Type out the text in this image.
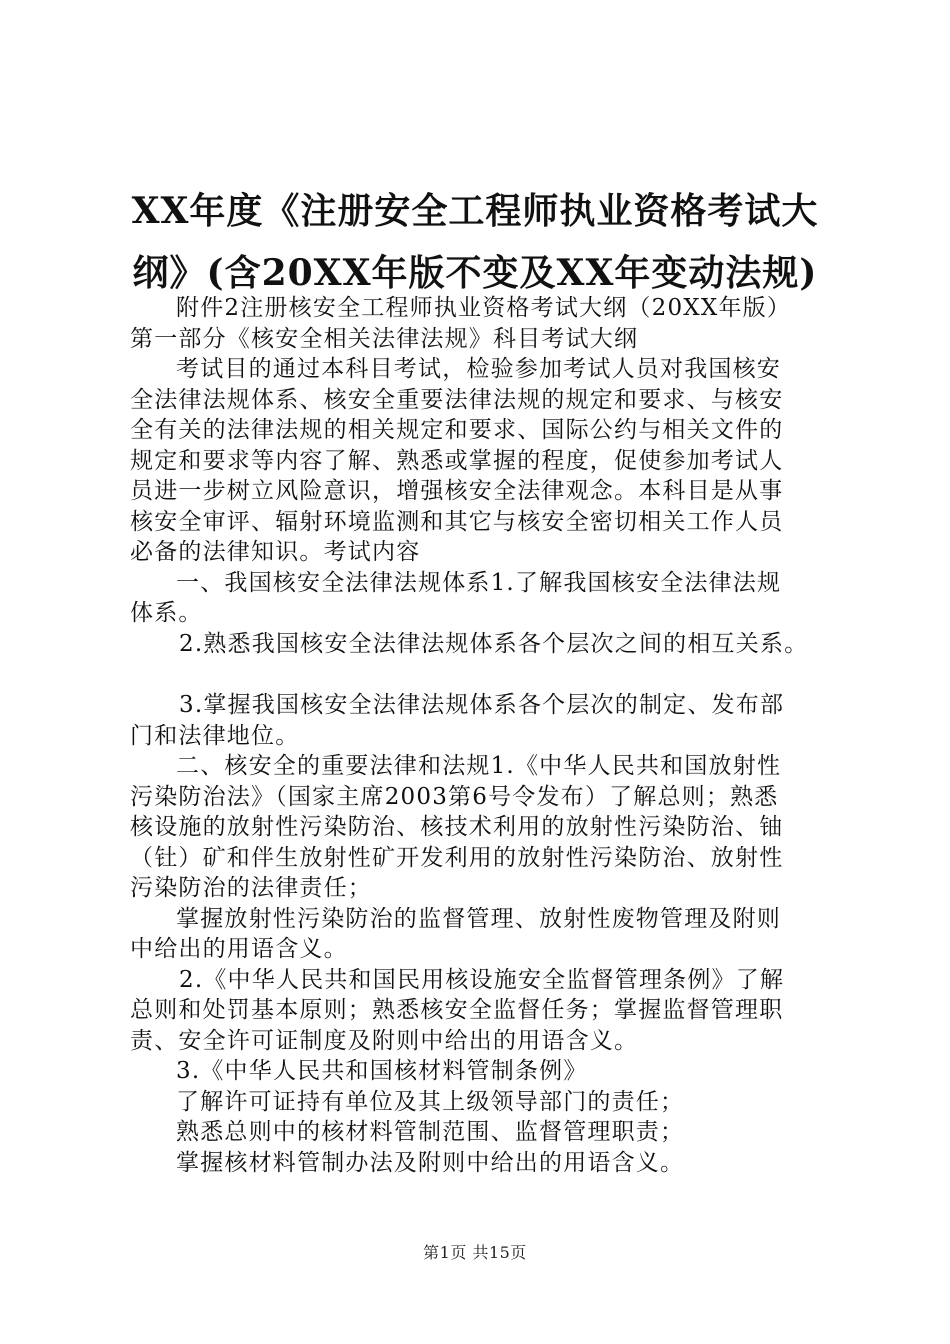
XX年度《注册安全工程师执业资格考试大
纲》(含20XX年版不变及XX年变动法规)

附件2注册核安全工程师执业资格考试大纲（20XX年版）

第一部分《核安全相关法律法规》科目考试大纲

考试目的通过本科目考试，检验参加考试人员对我国核安

全法律法规体系、核安全重要法律法规的规定和要求、与核安

全有关的法律法规的相关规定和要求、国际公约与相关文件的

规定和要求等内容了解、熟悉或掌握的程度，促使参加考试人

员进一步树立风险意识，增强核安全法律观念。本科目是从事

核安全审评、辐射环境监测和其它与核安全密切相关工作人员

必备的法律知识。考试内容

一、我国核安全法律法规体系1.了解我国核安全法律法规

体系。

2.熟悉我国核安全法律法规体系各个层次之间的相互关系。

3.掌握我国核安全法律法规体系各个层次的制定、发布部

门和法律地位。

二、核安全的重要法律和法规1.《中华人民共和国放射性

污染防治法》（国家主席2003第6号令发布）了解总则；熟悉

核设施的放射性污染防治、核技术利用的放射性污染防治、铀

（钍）矿和伴生放射性矿开发利用的放射性污染防治、放射性

污染防治的法律责任；

掌握放射性污染防治的监督管理、放射性废物管理及附则

中给出的用语含义。

2.《中华人民共和国民用核设施安全监督管理条例》了解

总则和处罚基本原则；熟悉核安全监督任务；掌握监督管理职

责、安全许可证制度及附则中给出的用语含义。

3.《中华人民共和国核材料管制条例》

了解许可证持有单位及其上级领导部门的责任；

熟悉总则中的核材料管制范围、监督管理职责；

掌握核材料管制办法及附则中给出的用语含义。

第1页 共15页
